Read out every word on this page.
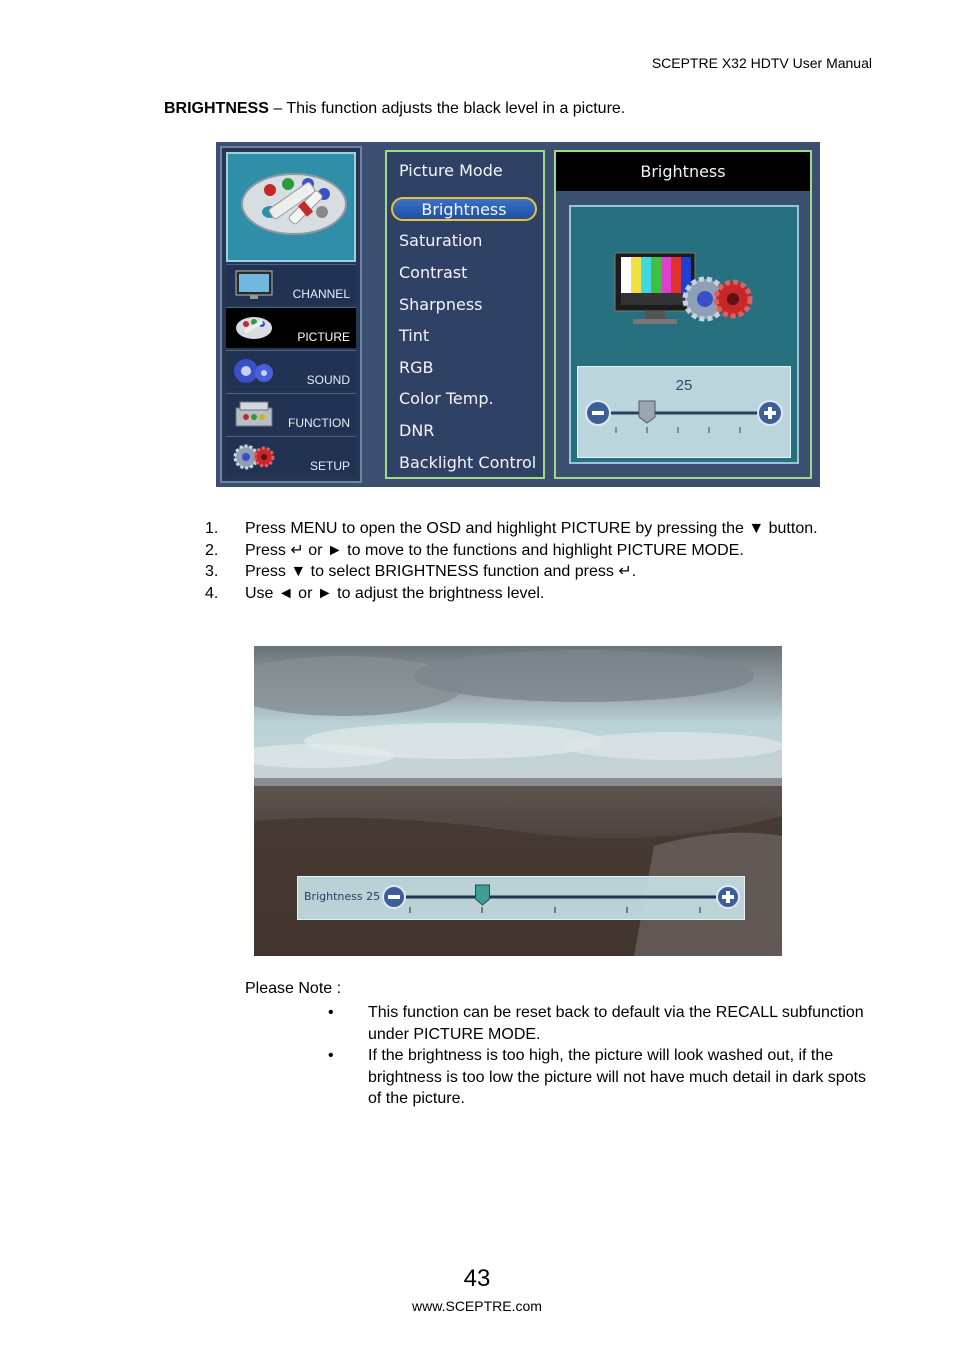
SCEPTRE X32 HDTV User Manual
BRIGHTNESS – This function adjusts the black level in a picture.
CHANNEL
PICTURE
SOUND
FUNCTION
SETUP
Picture Mode
Brightness
Saturation
Contrast
Sharpness
Tint
RGB
Color Temp.
DNR
Backlight Control
Brightness
25
1. Press MENU to open the OSD and highlight PICTURE by pressing the ▼ button.
2. Press ↵ or ► to move to the functions and highlight PICTURE MODE.
3. Press ▼ to select BRIGHTNESS function and press ↵.
4. Use ◄ or ► to adjust the brightness level.
Brightness 25
Please Note :
• This function can be reset back to default via the RECALL subfunction under PICTURE MODE.
• If the brightness is too high, the picture will look washed out, if the brightness is too low the picture will not have much detail in dark spots of the picture.
43
www.SCEPTRE.com
